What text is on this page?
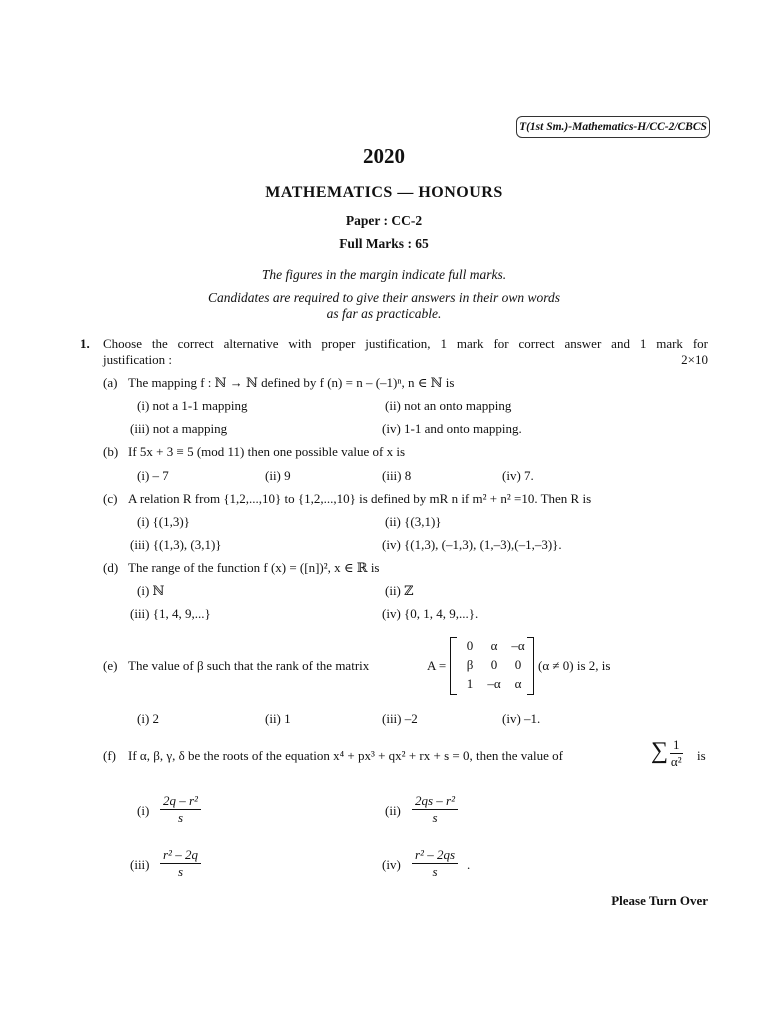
T(1st Sm.)-Mathematics-H/CC-2/CBCS
2020
MATHEMATICS — HONOURS
Paper : CC-2
Full Marks : 65
The figures in the margin indicate full marks.
Candidates are required to give their answers in their own words
as far as practicable.
1. Choose the correct alternative with proper justification, 1 mark for correct answer and 1 mark for
justification :	2×10
(a) The mapping f : ℕ → ℕ defined by f (n) = n – (–1)ⁿ, n ∈ ℕ is
(i) not a 1-1 mapping	(ii) not an onto mapping
(iii) not a mapping	(iv) 1-1 and onto mapping.
(b) If 5x + 3 ≡ 5 (mod 11) then one possible value of x is
(i) – 7	(ii) 9	(iii) 8	(iv) 7.
(c) A relation R from {1,2,...,10} to {1,2,...,10} is defined by mR n if m² + n² =10. Then R is
(i) {(1,3)}	(ii) {(3,1)}
(iii) {(1,3), (3,1)}	(iv) {(1,3), (–1,3), (1,–3),(–1,–3)}.
(d) The range of the function f (x) = ([n])², x ∈ ℝ is
(i) ℕ	(ii) ℤ
(iii) {1, 4, 9,...}	(iv) {0, 1, 4, 9,...}.
(e) The value of β such that the rank of the matrix	A =
0 α –α
β 0 0
1 –α α
(α ≠ 0) is 2, is
(i) 2	(ii) 1	(iii) –2	(iv) –1.
(f) If α, β, γ, δ be the roots of the equation x⁴ + px³ + qx² + rx + s = 0, then the value of	∑ $\frac{1}{\text{α²}}$ is
$(i) \frac{\text{2q – r²}}{s}$	$(ii) \frac{\text{2qs – r²}}{s}$
$(iii) \frac{\text{r² – 2q}}{s}$	$(iv) \frac{\text{r² – 2qs}}{s}$ .
Please Turn Over
